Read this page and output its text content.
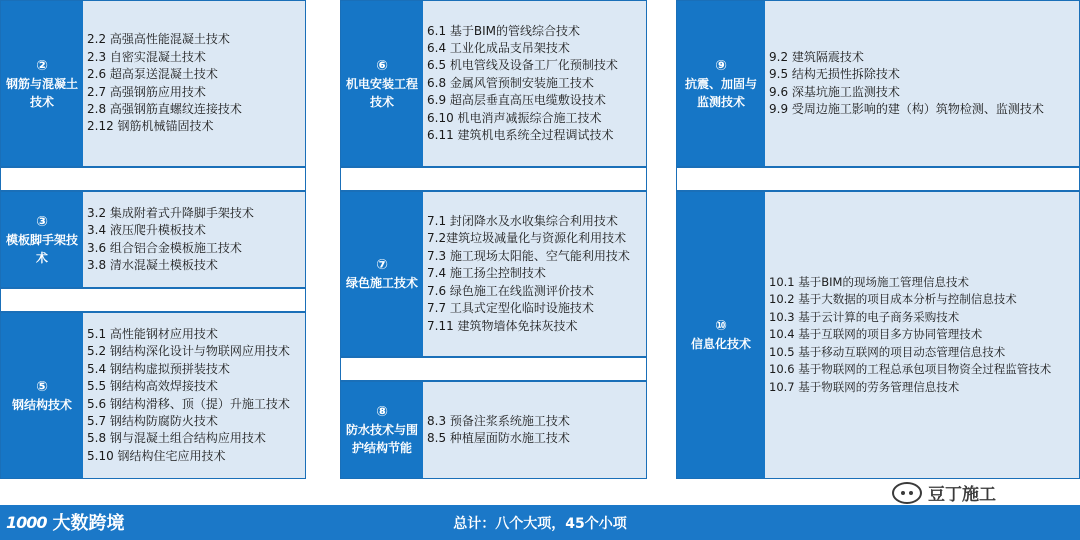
②
钢筋与混凝土技术
2.2 高强高性能混凝土技术
2.3 自密实混凝土技术
2.6 超高泵送混凝土技术
2.7 高强钢筋应用技术
2.8 高强钢筋直螺纹连接技术
2.12 钢筋机械锚固技术
③
模板脚手架技术
3.2 集成附着式升降脚手架技术
3.4 液压爬升模板技术
3.6 组合铝合金模板施工技术
3.8 清水混凝土模板技术
⑤
钢结构技术
5.1 高性能钢材应用技术
5.2 钢结构深化设计与物联网应用技术
5.4 钢结构虚拟预拼装技术
5.5 钢结构高效焊接技术
5.6 钢结构滑移、顶（提）升施工技术
5.7 钢结构防腐防火技术
5.8 钢与混凝土组合结构应用技术
5.10 钢结构住宅应用技术
⑥
机电安装工程技术
6.1 基于BIM的管线综合技术
6.4 工业化成品支吊架技术
6.5 机电管线及设备工厂化预制技术
6.8 金属风管预制安装施工技术
6.9 超高层垂直高压电缆敷设技术
6.10 机电消声减振综合施工技术
6.11 建筑机电系统全过程调试技术
⑦
绿色施工技术
7.1 封闭降水及水收集综合利用技术
7.2建筑垃圾减量化与资源化利用技术
7.3 施工现场太阳能、空气能利用技术
7.4 施工扬尘控制技术
7.6 绿色施工在线监测评价技术
7.7 工具式定型化临时设施技术
7.11 建筑物墙体免抹灰技术
⑧
防水技术与围护结构节能
8.3 预备注浆系统施工技术
8.5 种植屋面防水施工技术
⑨
抗震、加固与监测技术
9.2 建筑隔震技术
9.5 结构无损性拆除技术
9.6 深基坑施工监测技术
9.9 受周边施工影响的建（构）筑物检测、监测技术
⑩
信息化技术
10.1 基于BIM的现场施工管理信息技术
10.2 基于大数据的项目成本分析与控制信息技术
10.3 基于云计算的电子商务采购技术
10.4 基于互联网的项目多方协同管理技术
10.5 基于移动互联网的项目动态管理信息技术
10.6 基于物联网的工程总承包项目物资全过程监管技术
10.7 基于物联网的劳务管理信息技术
豆丁施工
总计：八个大项，45个小项
1000 大数跨境
